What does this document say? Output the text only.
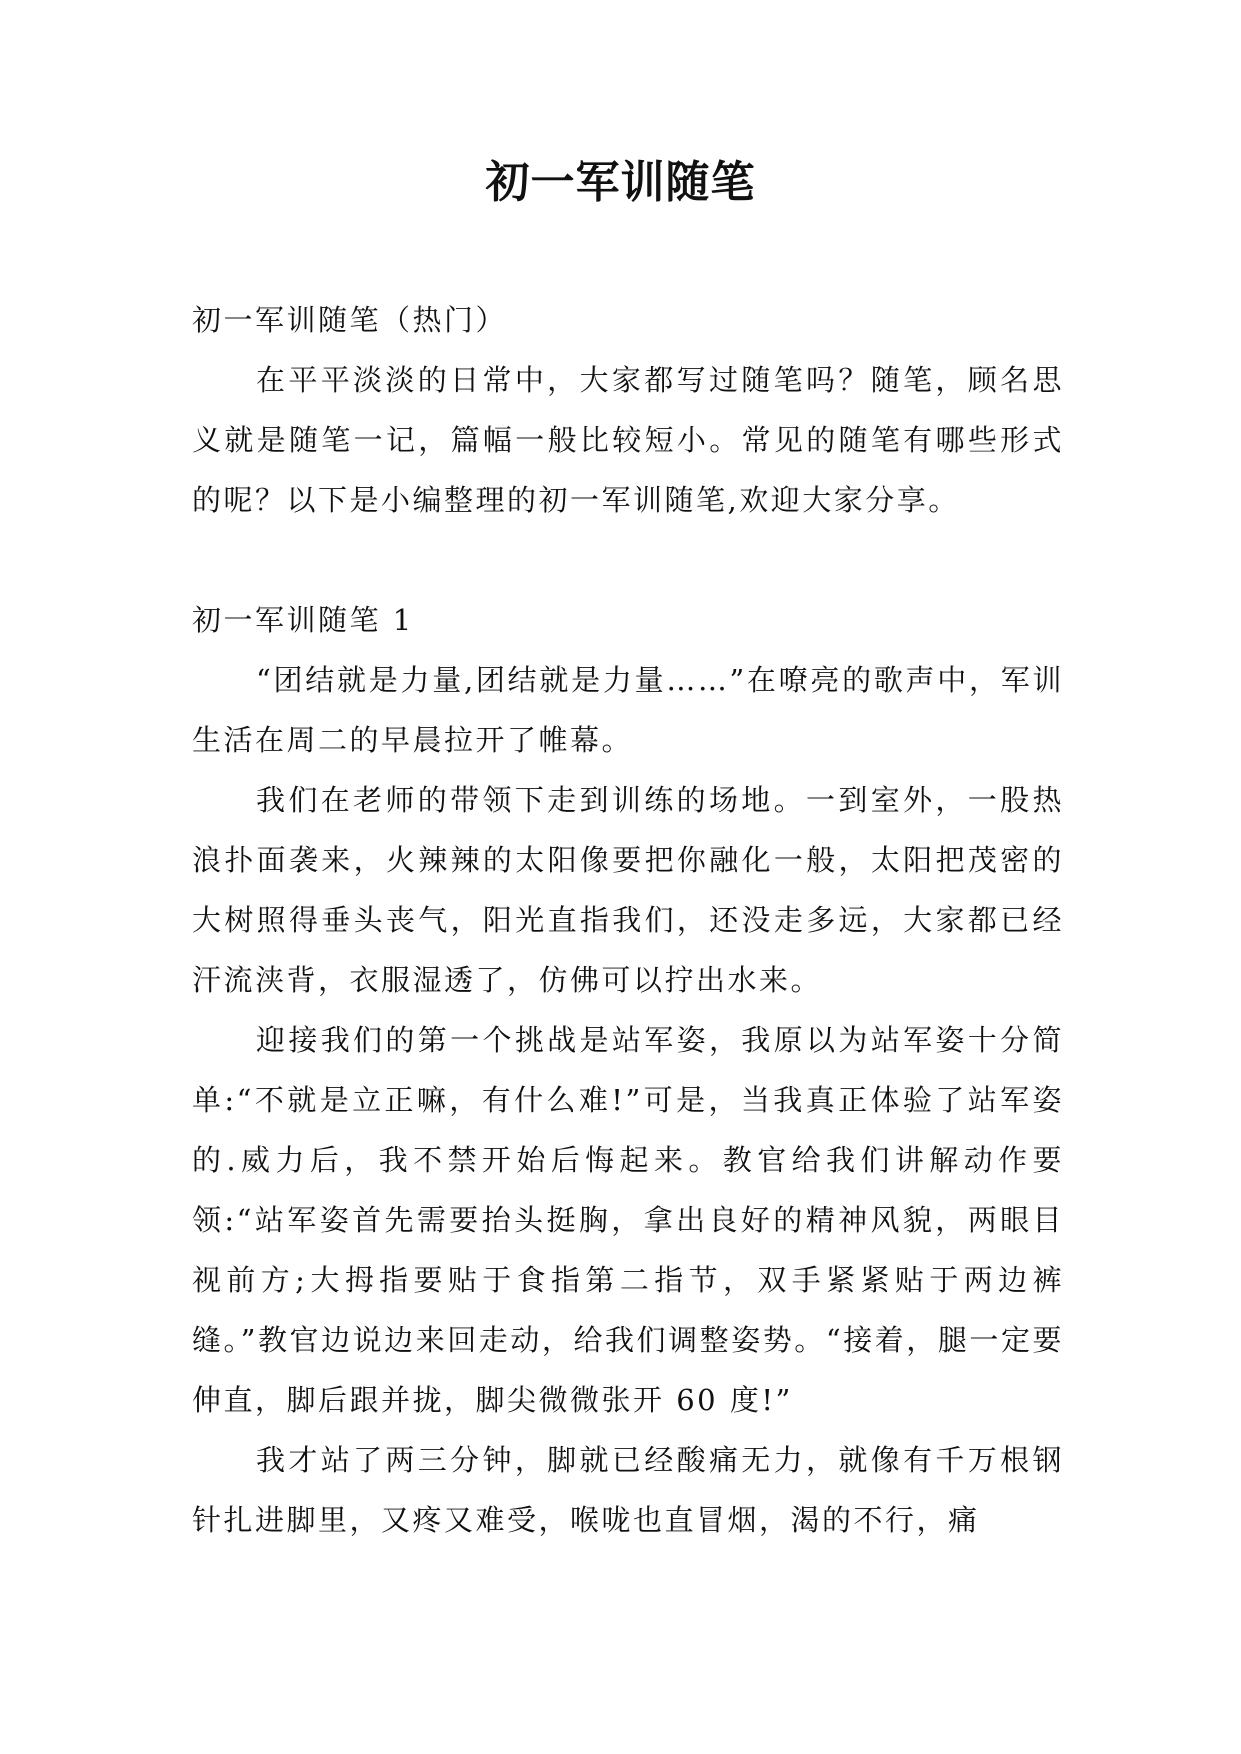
初一军训随笔

初一军训随笔（热门）

在平平淡淡的日常中，大家都写过随笔吗？随笔，顾名思义就是随笔一记，篇幅一般比较短小。常见的随笔有哪些形式的呢？以下是小编整理的初一军训随笔,欢迎大家分享。

初一军训随笔 1

“团结就是力量,团结就是力量……”在嘹亮的歌声中，军训生活在周二的早晨拉开了帷幕。

我们在老师的带领下走到训练的场地。一到室外，一股热浪扑面袭来，火辣辣的太阳像要把你融化一般，太阳把茂密的大树照得垂头丧气，阳光直指我们，还没走多远，大家都已经汗流浃背，衣服湿透了，仿佛可以拧出水来。

迎接我们的第一个挑战是站军姿，我原以为站军姿十分简单:“不就是立正嘛，有什么难!”可是，当我真正体验了站军姿的.威力后，我不禁开始后悔起来。教官给我们讲解动作要领:“站军姿首先需要抬头挺胸，拿出良好的精神风貌，两眼目视前方;大拇指要贴于食指第二指节，双手紧紧贴于两边裤缝。”教官边说边来回走动，给我们调整姿势。“接着，腿一定要伸直，脚后跟并拢，脚尖微微张开 60 度!”

我才站了两三分钟，脚就已经酸痛无力，就像有千万根钢针扎进脚里，又疼又难受，喉咙也直冒烟，渴的不行，痛
